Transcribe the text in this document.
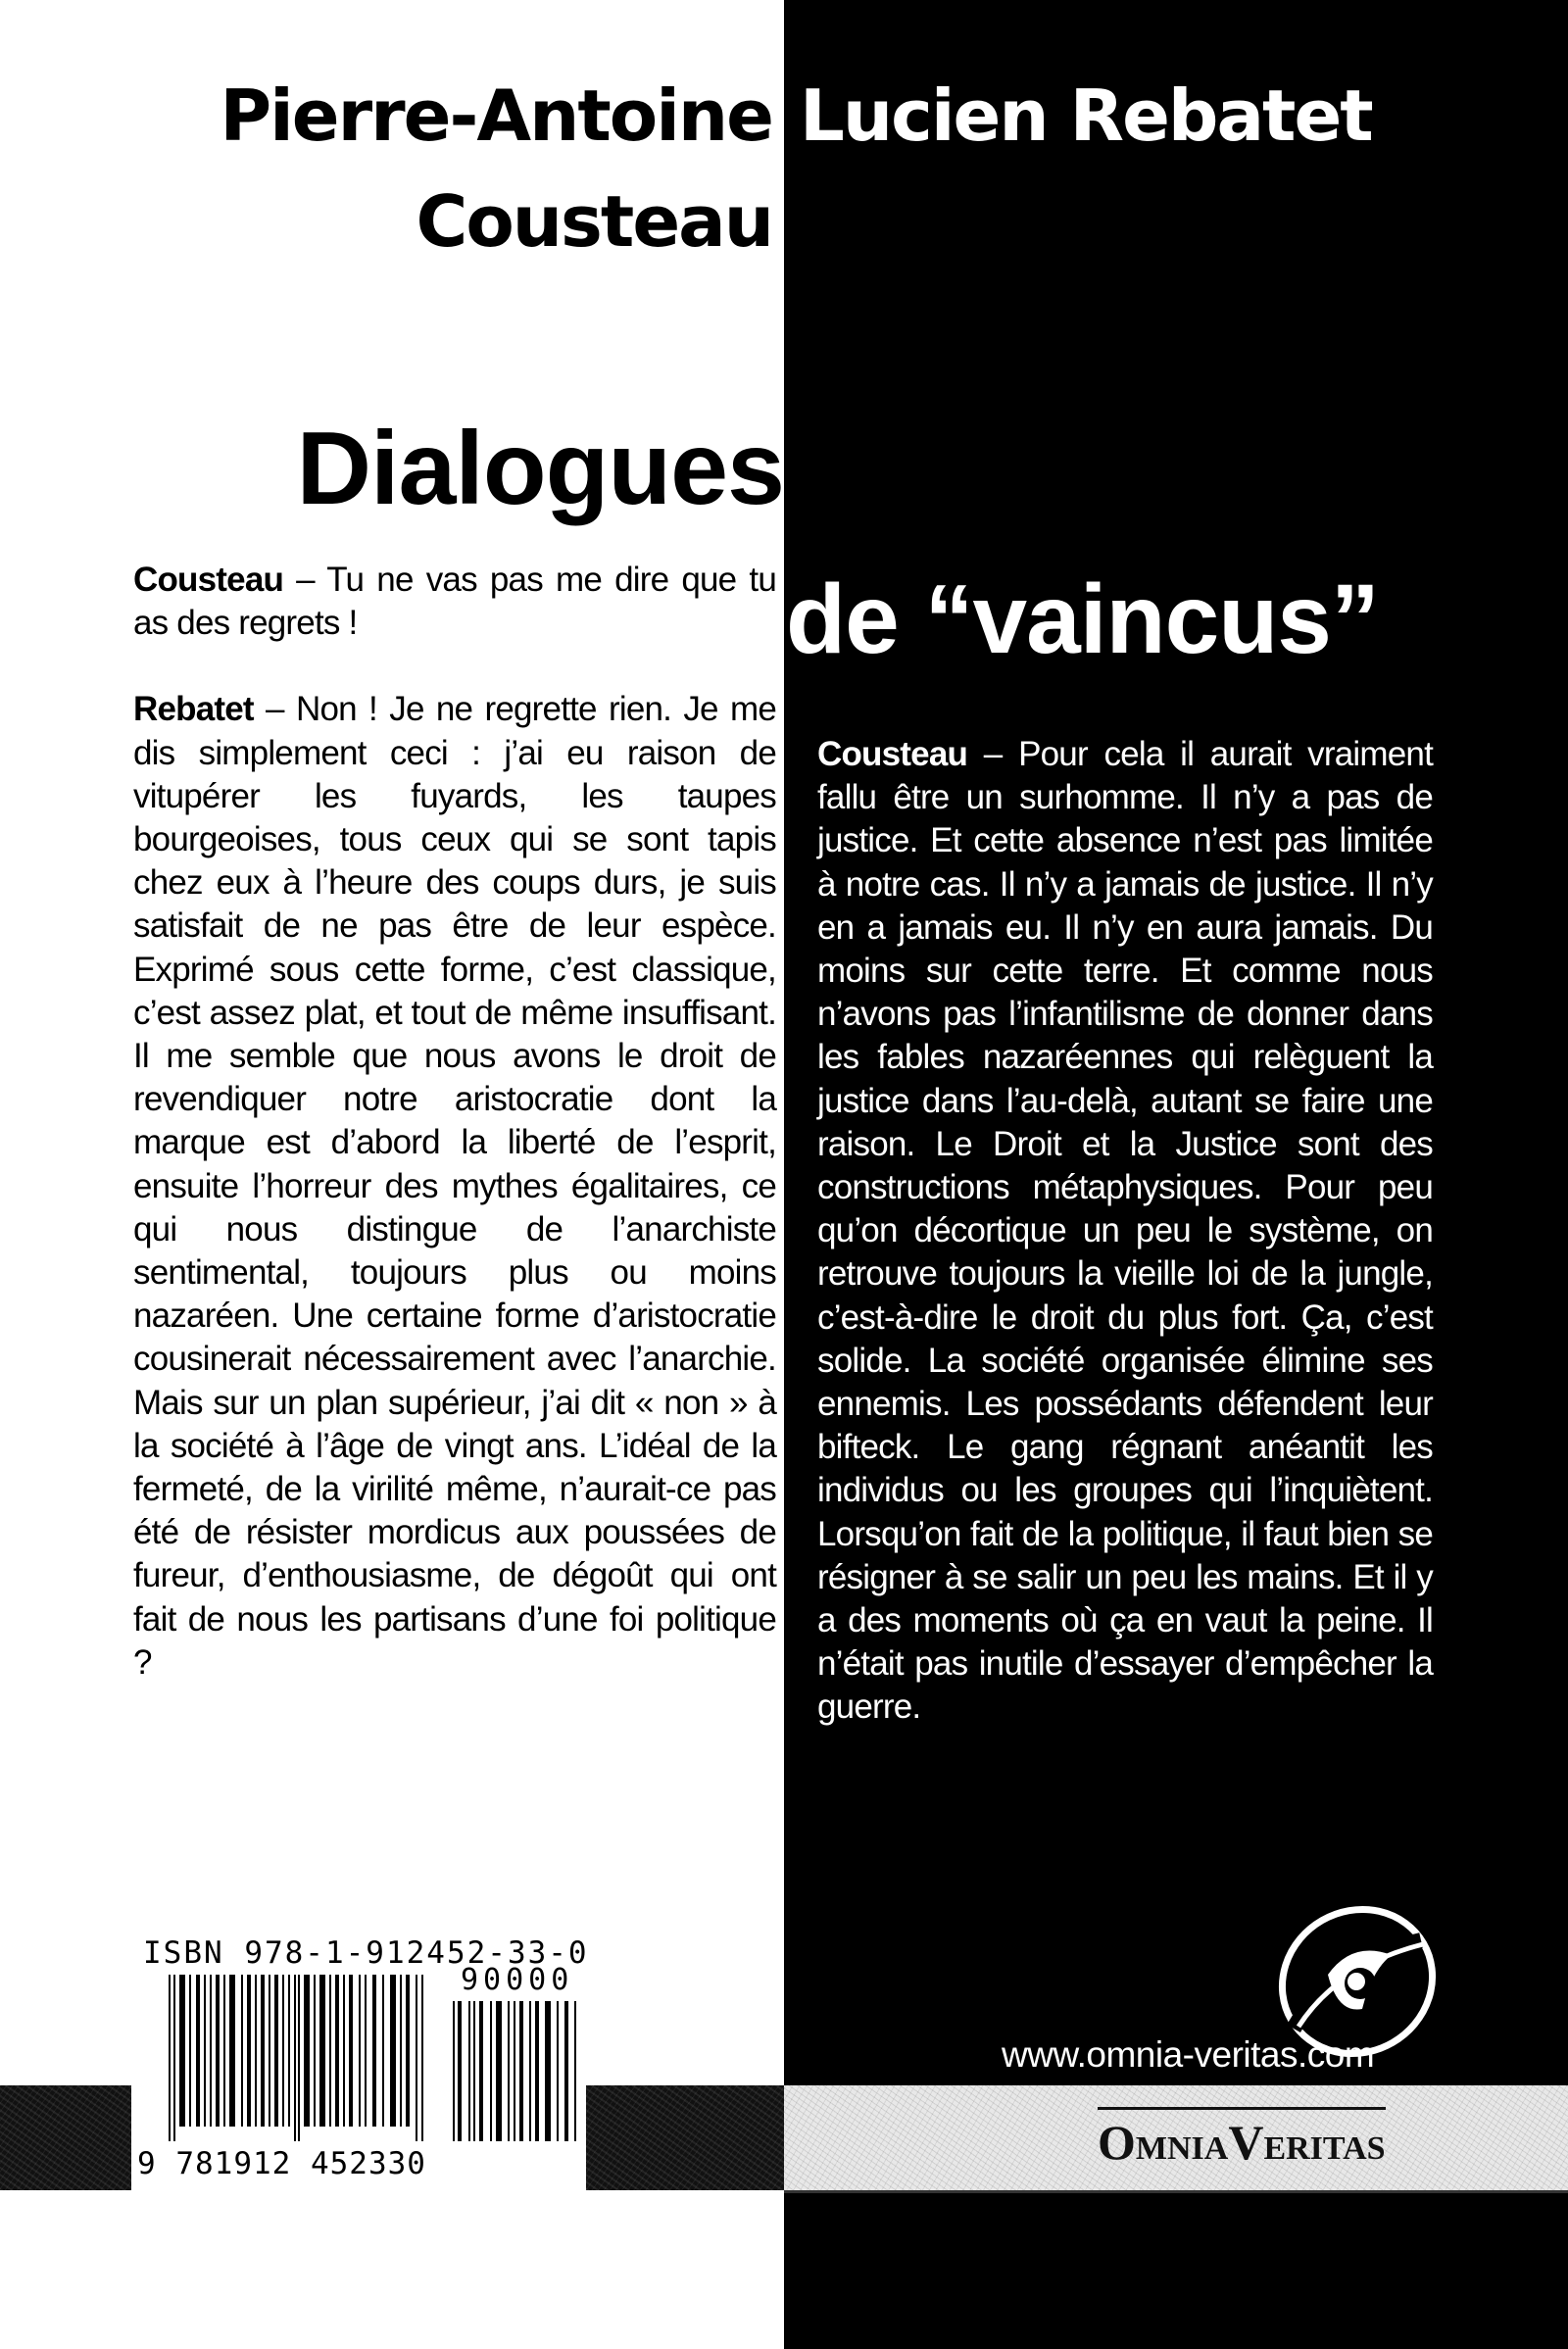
Pierre-Antoine
Cousteau
Lucien Rebatet
Dialogues
de “vaincus”

Cousteau – Tu ne vas pas me dire que tu as des regrets !

Rebatet – Non ! Je ne regrette rien. Je me dis simplement ceci : j’ai eu raison de vitupérer les fuyards, les taupes bourgeoises, tous ceux qui se sont tapis chez eux à l’heure des coups durs, je suis satisfait de ne pas être de leur espèce. Exprimé sous cette forme, c’est classique, c’est assez plat, et tout de même insuffisant. Il me semble que nous avons le droit de revendiquer notre aristocratie dont la marque est d’abord la liberté de l’esprit, ensuite l’horreur des mythes égalitaires, ce qui nous distingue de l’anarchiste sentimental, toujours plus ou moins nazaréen. Une certaine forme d’aristocratie cousinerait nécessairement avec l’anarchie. Mais sur un plan supérieur, j’ai dit « non » à la société à l’âge de vingt ans. L’idéal de la fermeté, de la virilité même, n’aurait-ce pas été de résister mordicus aux poussées de fureur, d’enthousiasme, de dégoût qui ont fait de nous les partisans d’une foi politique ?

Cousteau – Pour cela il aurait vraiment fallu être un surhomme. Il n’y a pas de justice. Et cette absence n’est pas limitée à notre cas. Il n’y a jamais de justice. Il n’y en a jamais eu. Il n’y en aura jamais. Du moins sur cette terre. Et comme nous n’avons pas l’infantilisme de donner dans les fables nazaréennes qui relèguent la justice dans l’au-delà, autant se faire une raison. Le Droit et la Justice sont des constructions métaphysiques. Pour peu qu’on décortique un peu le système, on retrouve toujours la vieille loi de la jungle, c’est-à-dire le droit du plus fort. Ça, c’est solide. La société organisée élimine ses ennemis. Les possédants défendent leur bifteck. Le gang régnant anéantit les individus ou les groupes qui l’inquiètent. Lorsqu’on fait de la politique, il faut bien se résigner à se salir un peu les mains. Et il y a des moments où ça en vaut la peine. Il n’était pas inutile d’essayer d’empêcher la guerre.

ISBN 978-1-912452-33-0
90000
9 781912 452330
www.omnia-veritas.com
OMNIAVERITAS
